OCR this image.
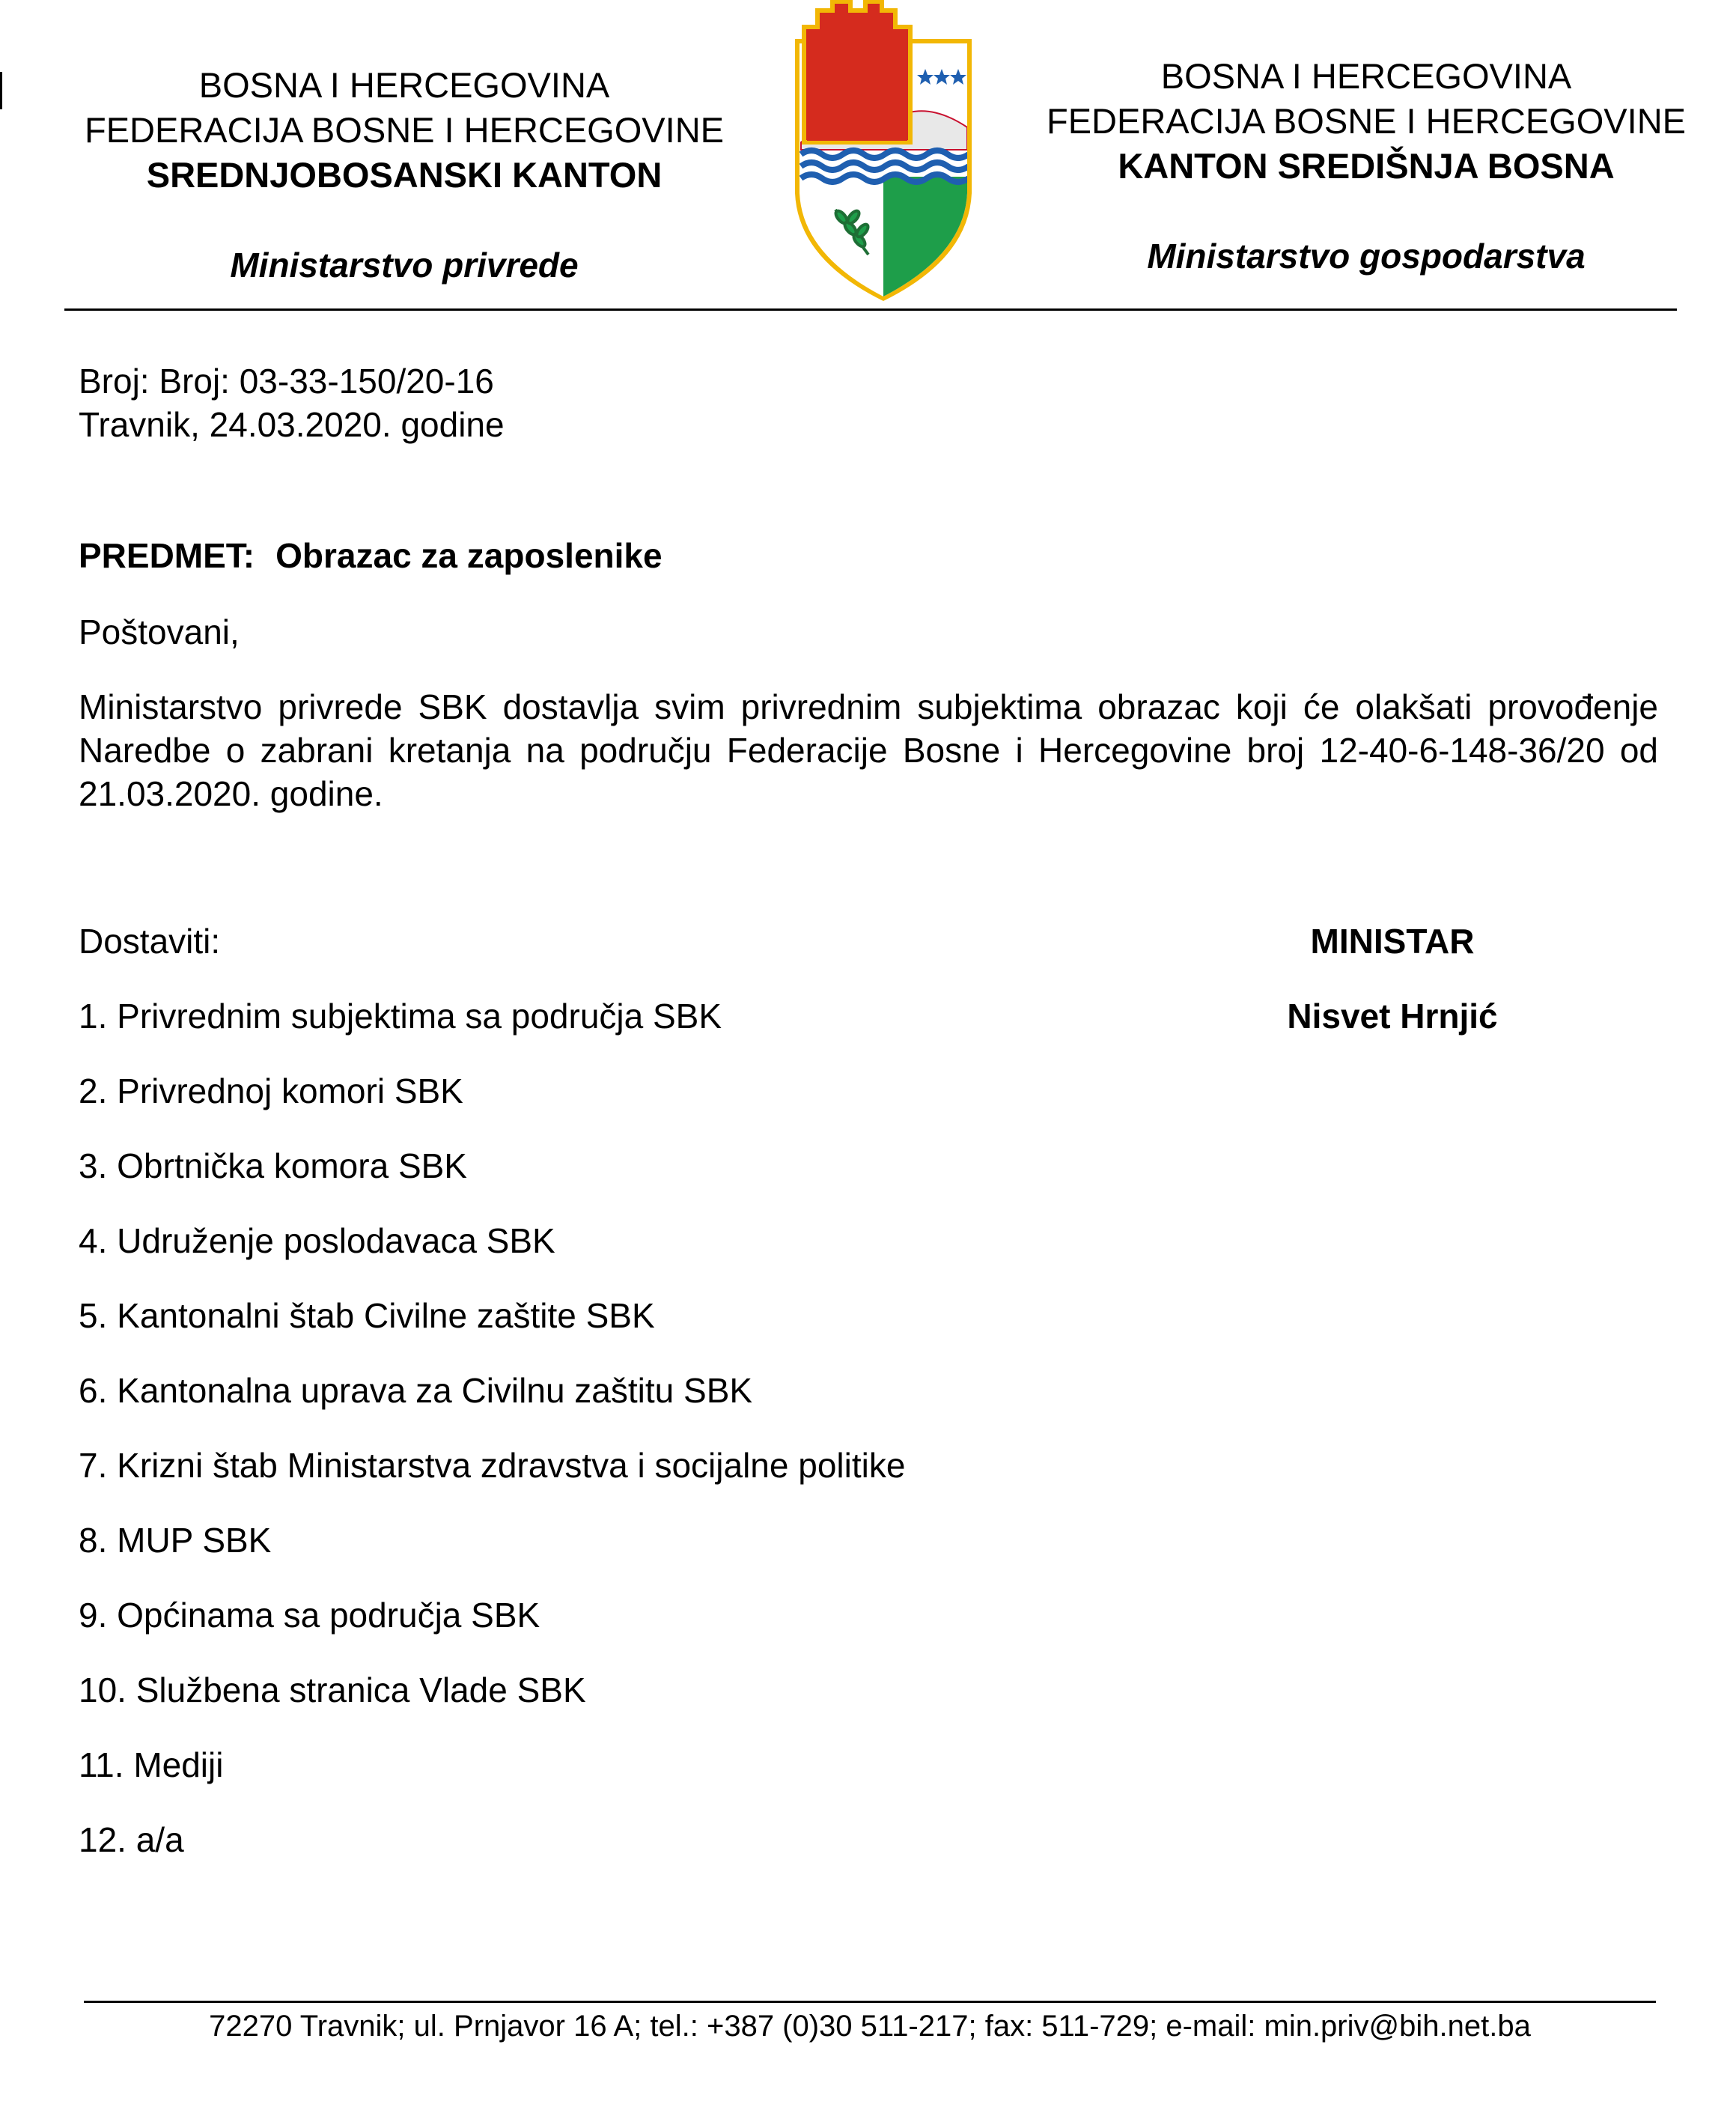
BOSNA I HERCEGOVINA
FEDERACIJA BOSNE I HERCEGOVINE
SREDNJOBOSANSKI KANTON
Ministarstvo privrede
BOSNA I HERCEGOVINA
FEDERACIJA BOSNE I HERCEGOVINE
KANTON SREDIŠNJA BOSNA
Ministarstvo gospodarstva
Broj: Broj: 03-33-150/20-16
Travnik, 24.03.2020. godine
PREDMET: Obrazac za zaposlenike
Poštovani,
Ministarstvo privrede SBK dostavlja svim privrednim subjektima obrazac koji će olakšati provođenje Naredbe o zabrani kretanja na području Federacije Bosne i Hercegovine broj 12-40-6-148-36/20 od 21.03.2020. godine.
Dostaviti:
1. Privrednim subjektima sa područja SBK
2. Privrednoj komori SBK
3. Obrtnička komora SBK
4. Udruženje poslodavaca SBK
5. Kantonalni štab Civilne zaštite SBK
6. Kantonalna uprava za Civilnu zaštitu SBK
7. Krizni štab Ministarstva zdravstva i socijalne politike
8. MUP SBK
9. Općinama sa područja SBK
10. Službena stranica Vlade SBK
11. Mediji
12. a/a
MINISTAR
Nisvet Hrnjić
72270 Travnik; ul. Prnjavor 16 A; tel.: +387 (0)30 511-217; fax: 511-729; e-mail: min.priv@bih.net.ba
